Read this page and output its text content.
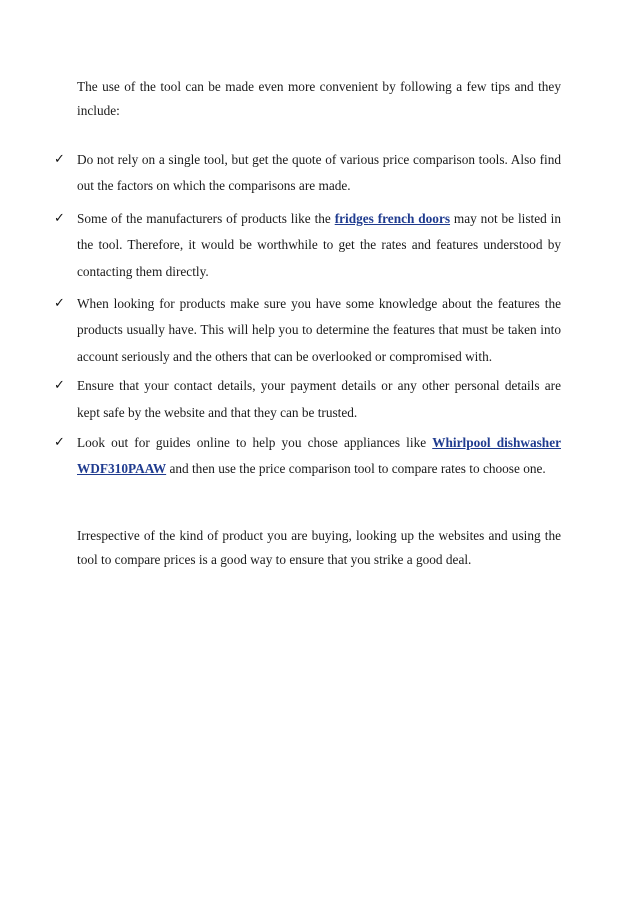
The use of the tool can be made even more convenient by following a few tips and they include:

✓ Do not rely on a single tool, but get the quote of various price comparison tools. Also find out the factors on which the comparisons are made.
✓ Some of the manufacturers of products like the fridges french doors may not be listed in the tool. Therefore, it would be worthwhile to get the rates and features understood by contacting them directly.
✓ When looking for products make sure you have some knowledge about the features the products usually have. This will help you to determine the features that must be taken into account seriously and the others that can be overlooked or compromised with.
✓ Ensure that your contact details, your payment details or any other personal details are kept safe by the website and that they can be trusted.
✓ Look out for guides online to help you chose appliances like Whirlpool dishwasher WDF310PAAW and then use the price comparison tool to compare rates to choose one.

Irrespective of the kind of product you are buying, looking up the websites and using the tool to compare prices is a good way to ensure that you strike a good deal.
